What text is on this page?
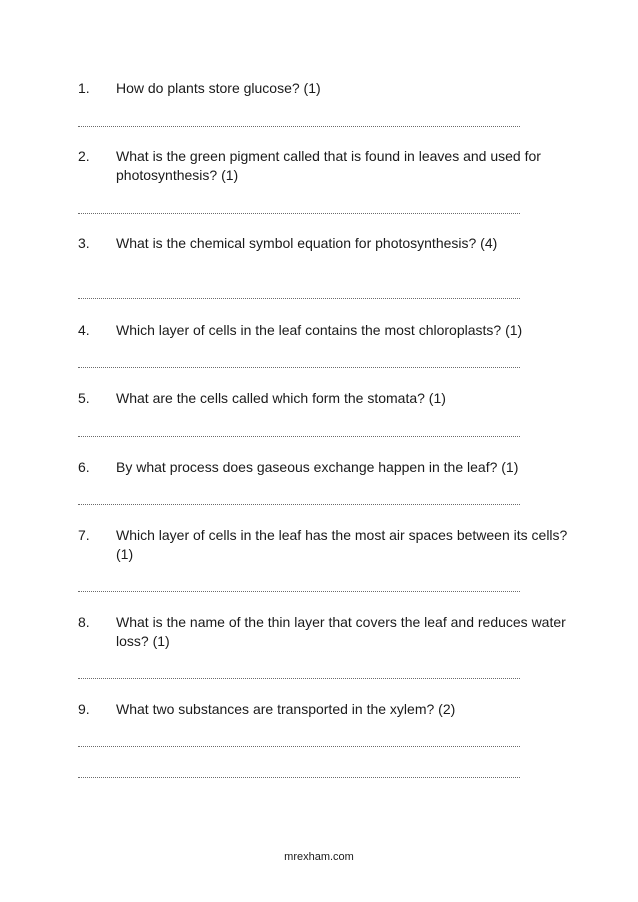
1.	How do plants store glucose? (1)
2.	What is the green pigment called that is found in leaves and used for photosynthesis? (1)
3.	What is the chemical symbol equation for photosynthesis? (4)
4.	Which layer of cells in the leaf contains the most chloroplasts? (1)
5.	What are the cells called which form the stomata? (1)
6.	By what process does gaseous exchange happen in the leaf? (1)
7.	Which layer of cells in the leaf has the most air spaces between its cells? (1)
8.	What is the name of the thin layer that covers the leaf and reduces water loss? (1)
9.	What two substances are transported in the xylem? (2)
mrexham.com
